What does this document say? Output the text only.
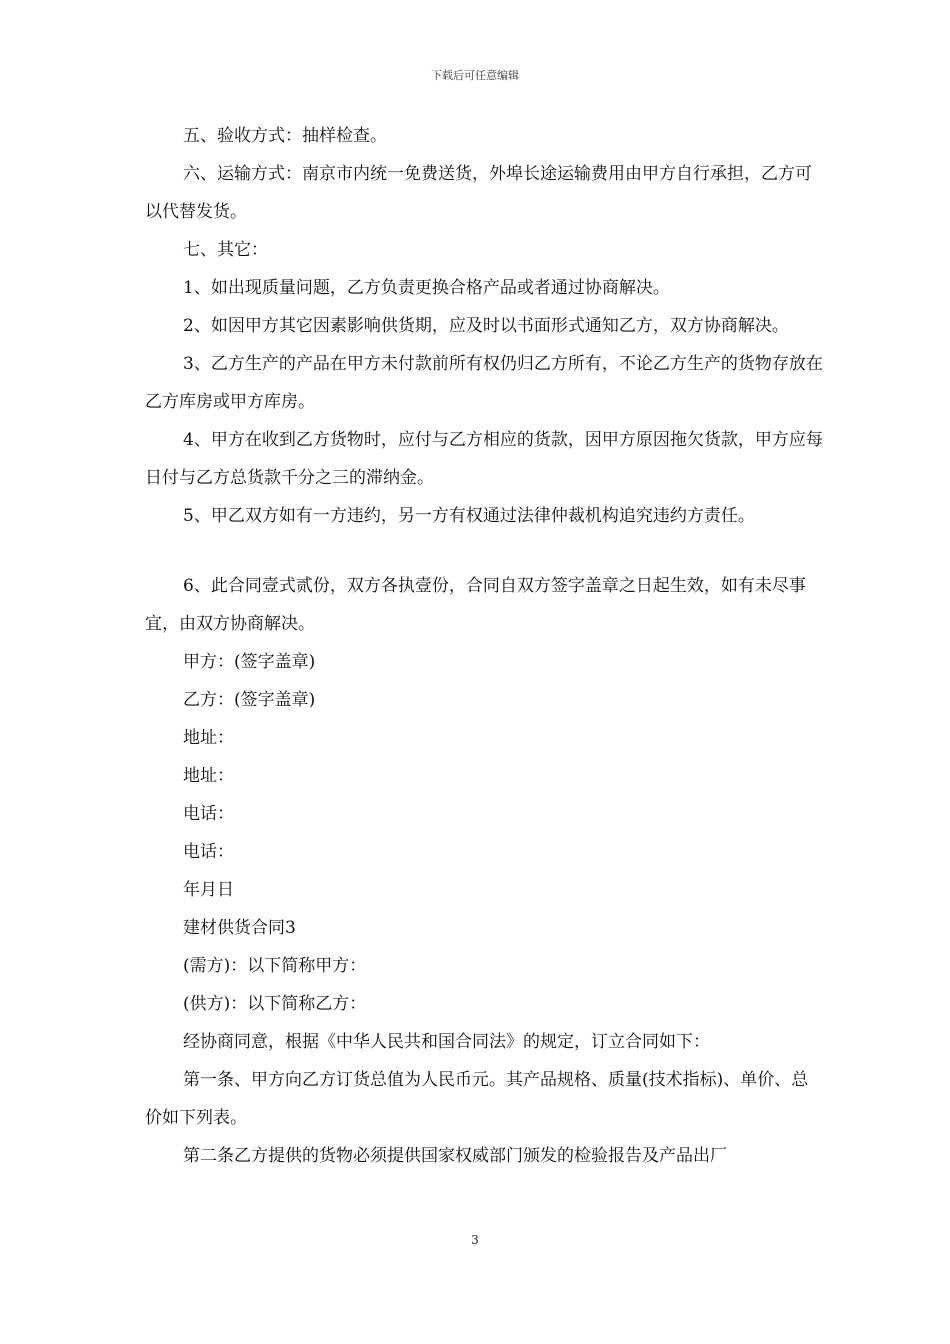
下载后可任意编辑

五、验收方式：抽样检查。

六、运输方式：南京市内统一免费送货，外埠长途运输费用由甲方自行承担，乙方可以代替发货。

七、其它：

1、如出现质量问题，乙方负责更换合格产品或者通过协商解决。

2、如因甲方其它因素影响供货期，应及时以书面形式通知乙方，双方协商解决。

3、乙方生产的产品在甲方未付款前所有权仍归乙方所有，不论乙方生产的货物存放在乙方库房或甲方库房。

4、甲方在收到乙方货物时，应付与乙方相应的货款，因甲方原因拖欠货款，甲方应每日付与乙方总货款千分之三的滞纳金。

5、甲乙双方如有一方违约，另一方有权通过法律仲裁机构追究违约方责任。

6、此合同壹式贰份，双方各执壹份，合同自双方签字盖章之日起生效，如有未尽事宜，由双方协商解决。

甲方：(签字盖章)

乙方：(签字盖章)

地址：

地址：

电话：

电话：

年月日

建材供货合同3

(需方)：以下简称甲方：

(供方)：以下简称乙方：

经协商同意，根据《中华人民共和国合同法》的规定，订立合同如下：

第一条、甲方向乙方订货总值为人民币元。其产品规格、质量(技术指标)、单价、总价如下列表。

第二条乙方提供的货物必须提供国家权威部门颁发的检验报告及产品出厂

3
